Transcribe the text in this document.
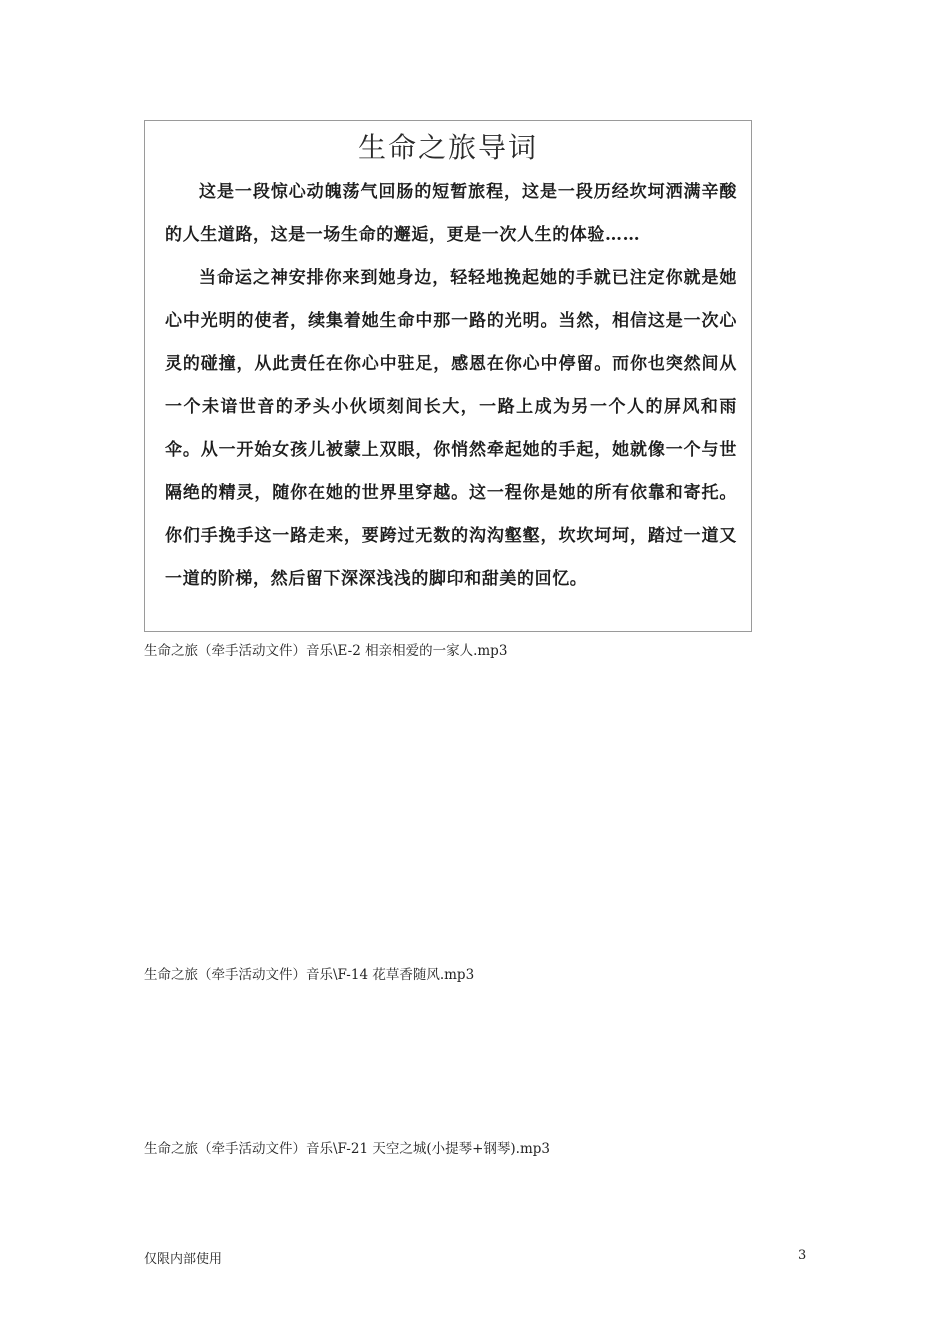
生命之旅导词

这是一段惊心动魄荡气回肠的短暂旅程，这是一段历经坎坷洒满辛酸的人生道路，这是一场生命的邂逅，更是一次人生的体验……

当命运之神安排你来到她身边，轻轻地挽起她的手就已注定你就是她心中光明的使者，续集着她生命中那一路的光明。当然，相信这是一次心灵的碰撞，从此责任在你心中驻足，感恩在你心中停留。而你也突然间从一个未谙世音的矛头小伙顷刻间长大，一路上成为另一个人的屏风和雨伞。从一开始女孩儿被蒙上双眼，你悄然牵起她的手起，她就像一个与世隔绝的精灵，随你在她的世界里穿越。这一程你是她的所有依靠和寄托。你们手挽手这一路走来，要跨过无数的沟沟壑壑，坎坎坷坷，踏过一道又一道的阶梯，然后留下深深浅浅的脚印和甜美的回忆。

生命之旅（牵手活动文件）音乐\E-2 相亲相爱的一家人.mp3
生命之旅（牵手活动文件）音乐\F-14 花草香随风.mp3
生命之旅（牵手活动文件）音乐\F-21 天空之城(小提琴+钢琴).mp3
仅限内部使用	3
